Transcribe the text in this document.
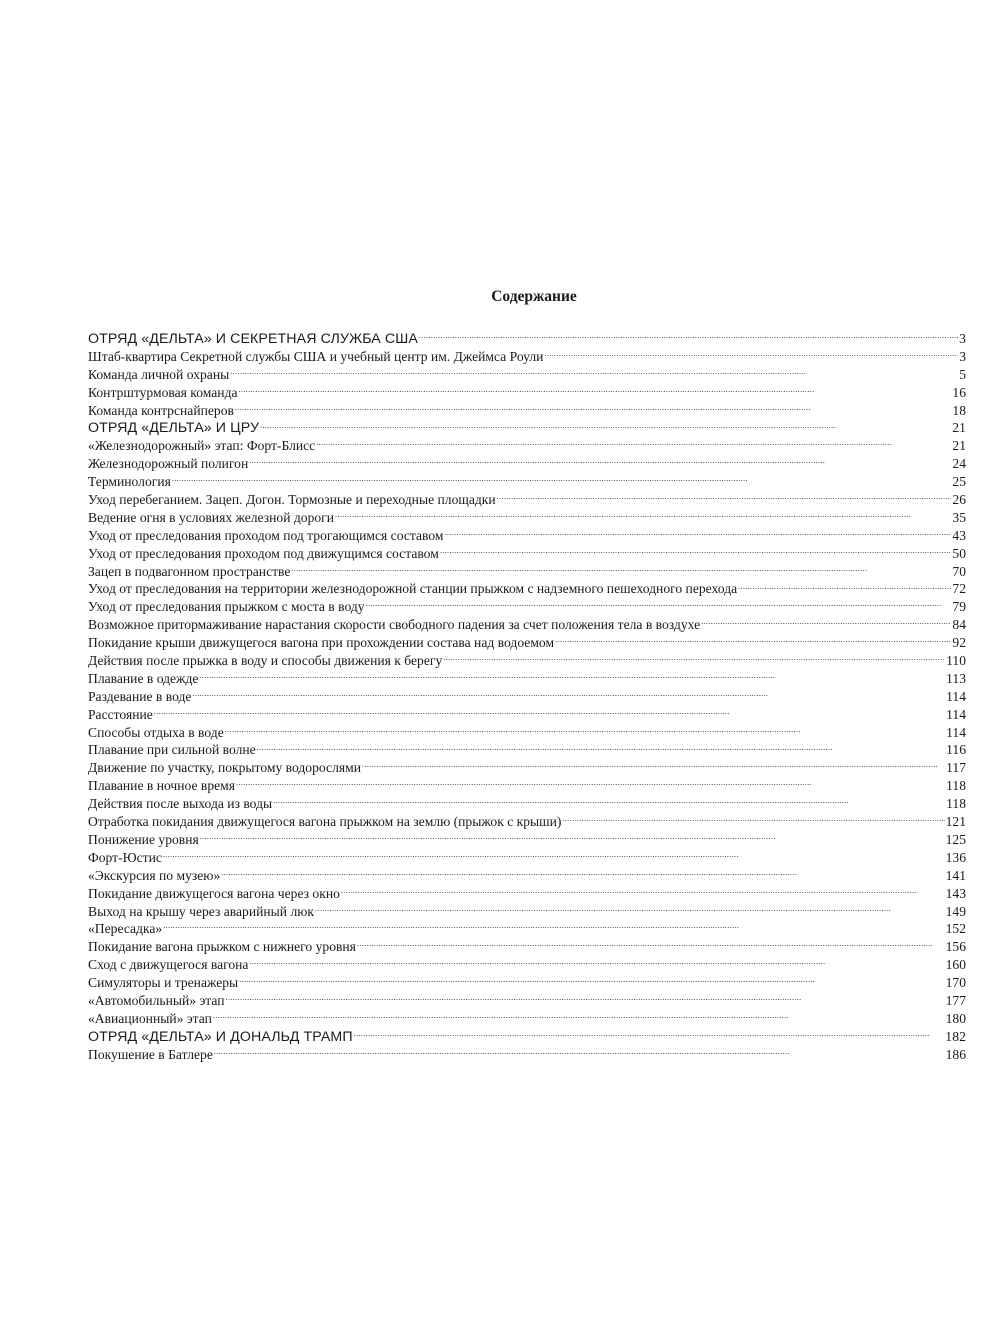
Содержание
ОТРЯД «ДЕЛЬТА» И СЕКРЕТНАЯ СЛУЖБА США .....	3
Штаб-квартира Секретной службы США и учебный центр им. Джеймса Роули .....	3
Команда личной охраны .....	5
Контрштурмовая команда .....	16
Команда контрснайперов .....	18
ОТРЯД «ДЕЛЬТА» И ЦРУ .....	21
«Железнодорожный» этап: Форт-Блисс .....	21
Железнодорожный полигон .....	24
Терминология .....	25
Уход перебеганием. Зацеп. Догон. Тормозные и переходные площадки .....	26
Ведение огня в условиях железной дороги .....	35
Уход от преследования проходом под трогающимся составом .....	43
Уход от преследования проходом под движущимся составом .....	50
Зацеп в подвагонном пространстве .....	70
Уход от преследования на территории железнодорожной станции прыжком с надземного пешеходного перехода .....	72
Уход от преследования прыжком с моста в воду .....	79
Возможное притормаживание нарастания скорости свободного падения за счет положения тела в воздухе .....	84
Покидание крыши движущегося вагона при прохождении состава над водоемом .....	92
Действия после прыжка в воду и способы движения к берегу .....	110
Плавание в одежде .....	113
Раздевание в воде .....	114
Расстояние .....	114
Способы отдыха в воде .....	114
Плавание при сильной волне .....	116
Движение по участку, покрытому водорослями .....	117
Плавание в ночное время .....	118
Действия после выхода из воды .....	118
Отработка покидания движущегося вагона прыжком на землю (прыжок с крыши) .....	121
Понижение уровня .....	125
Форт-Юстис .....	136
«Экскурсия по музею» .....	141
Покидание движущегося вагона через окно .....	143
Выход на крышу через аварийный люк .....	149
«Пересадка» .....	152
Покидание вагона прыжком с нижнего уровня .....	156
Сход с движущегося вагона .....	160
Симуляторы и тренажеры .....	170
«Автомобильный» этап .....	177
«Авиационный» этап .....	180
ОТРЯД «ДЕЛЬТА» И ДОНАЛЬД ТРАМП .....	182
Покушение в Батлере .....	186
